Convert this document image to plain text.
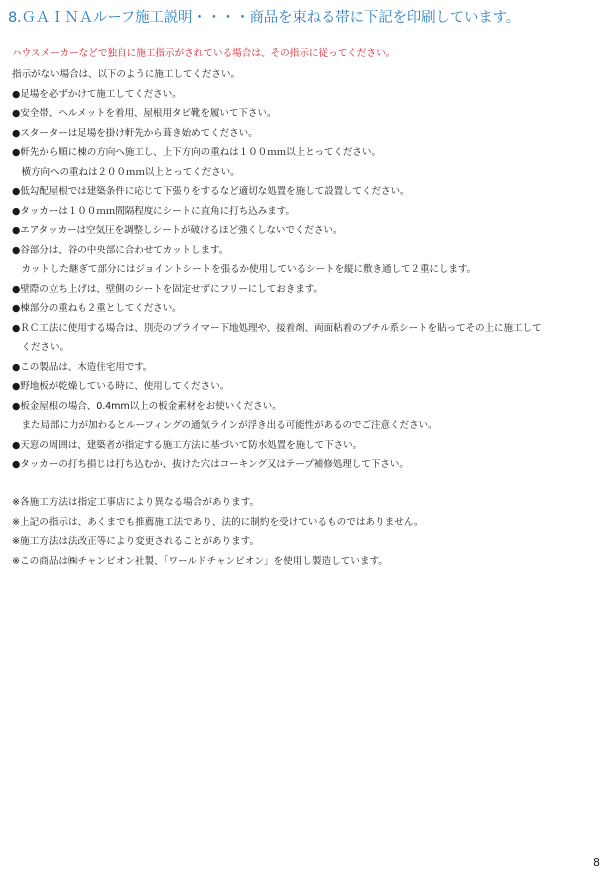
8.ＧＡＩＮＡルーフ施工説明・・・・商品を束ねる帯に下記を印刷しています。
ハウスメーカーなどで独自に施工指示がされている場合は、その指示に従ってください。
指示がない場合は、以下のように施工してください。
●足場を必ずかけて施工してください。
●安全帯、ヘルメットを着用、屋根用タビ靴を履いて下さい。
●スターターは足場を掛け軒先から葺き始めてください。
●軒先から順に棟の方向へ施工し、上下方向の重ねは１００ｍｍ以上とってください。
　横方向への重ねは２００ｍｍ以上とってください。
●低勾配屋根では建築条件に応じて下張りをするなど適切な処置を施して設置してください。
●タッカーは１００ｍｍ間隔程度にシートに直角に打ち込みます。
●エアタッカーは空気圧を調整しシートが破けるほど強くしないでください。
●谷部分は、谷の中央部に合わせてカットします。
　カットした継ぎて部分にはジョイントシートを張るか使用しているシートを縦に敷き通して２重にします。
●壁際の立ち上げは、壁側のシートを固定せずにフリーにしておきます。
●棟部分の重ねも２重としてください。
●ＲＣ工法に使用する場合は、別売のプライマー下地処理や、接着剤、両面粘着のブチル系シートを貼ってその上に施工して
　ください。
●この製品は、木造住宅用です。
●野地板が乾燥している時に、使用してください。
●板金屋根の場合、0.4mm以上の板金素材をお使いください。
　また局部に力が加わるとルーフィングの通気ラインが浮き出る可能性があるのでご注意ください。
●天窓の周囲は、建築者が指定する施工方法に基づいて防水処置を施して下さい。
●タッカーの打ち損じは打ち込むか、抜けた穴はコーキング又はテープ補修処理して下さい。
※各施工方法は指定工事店により異なる場合があります。
※上記の指示は、あくまでも推薦施工法であり、法的に制約を受けているものではありません。
※施工方法は法改正等により変更されることがあります。
※この商品は㈱チャンピオン社製、「ワールドチャンピオン」を使用し製造しています。
8
